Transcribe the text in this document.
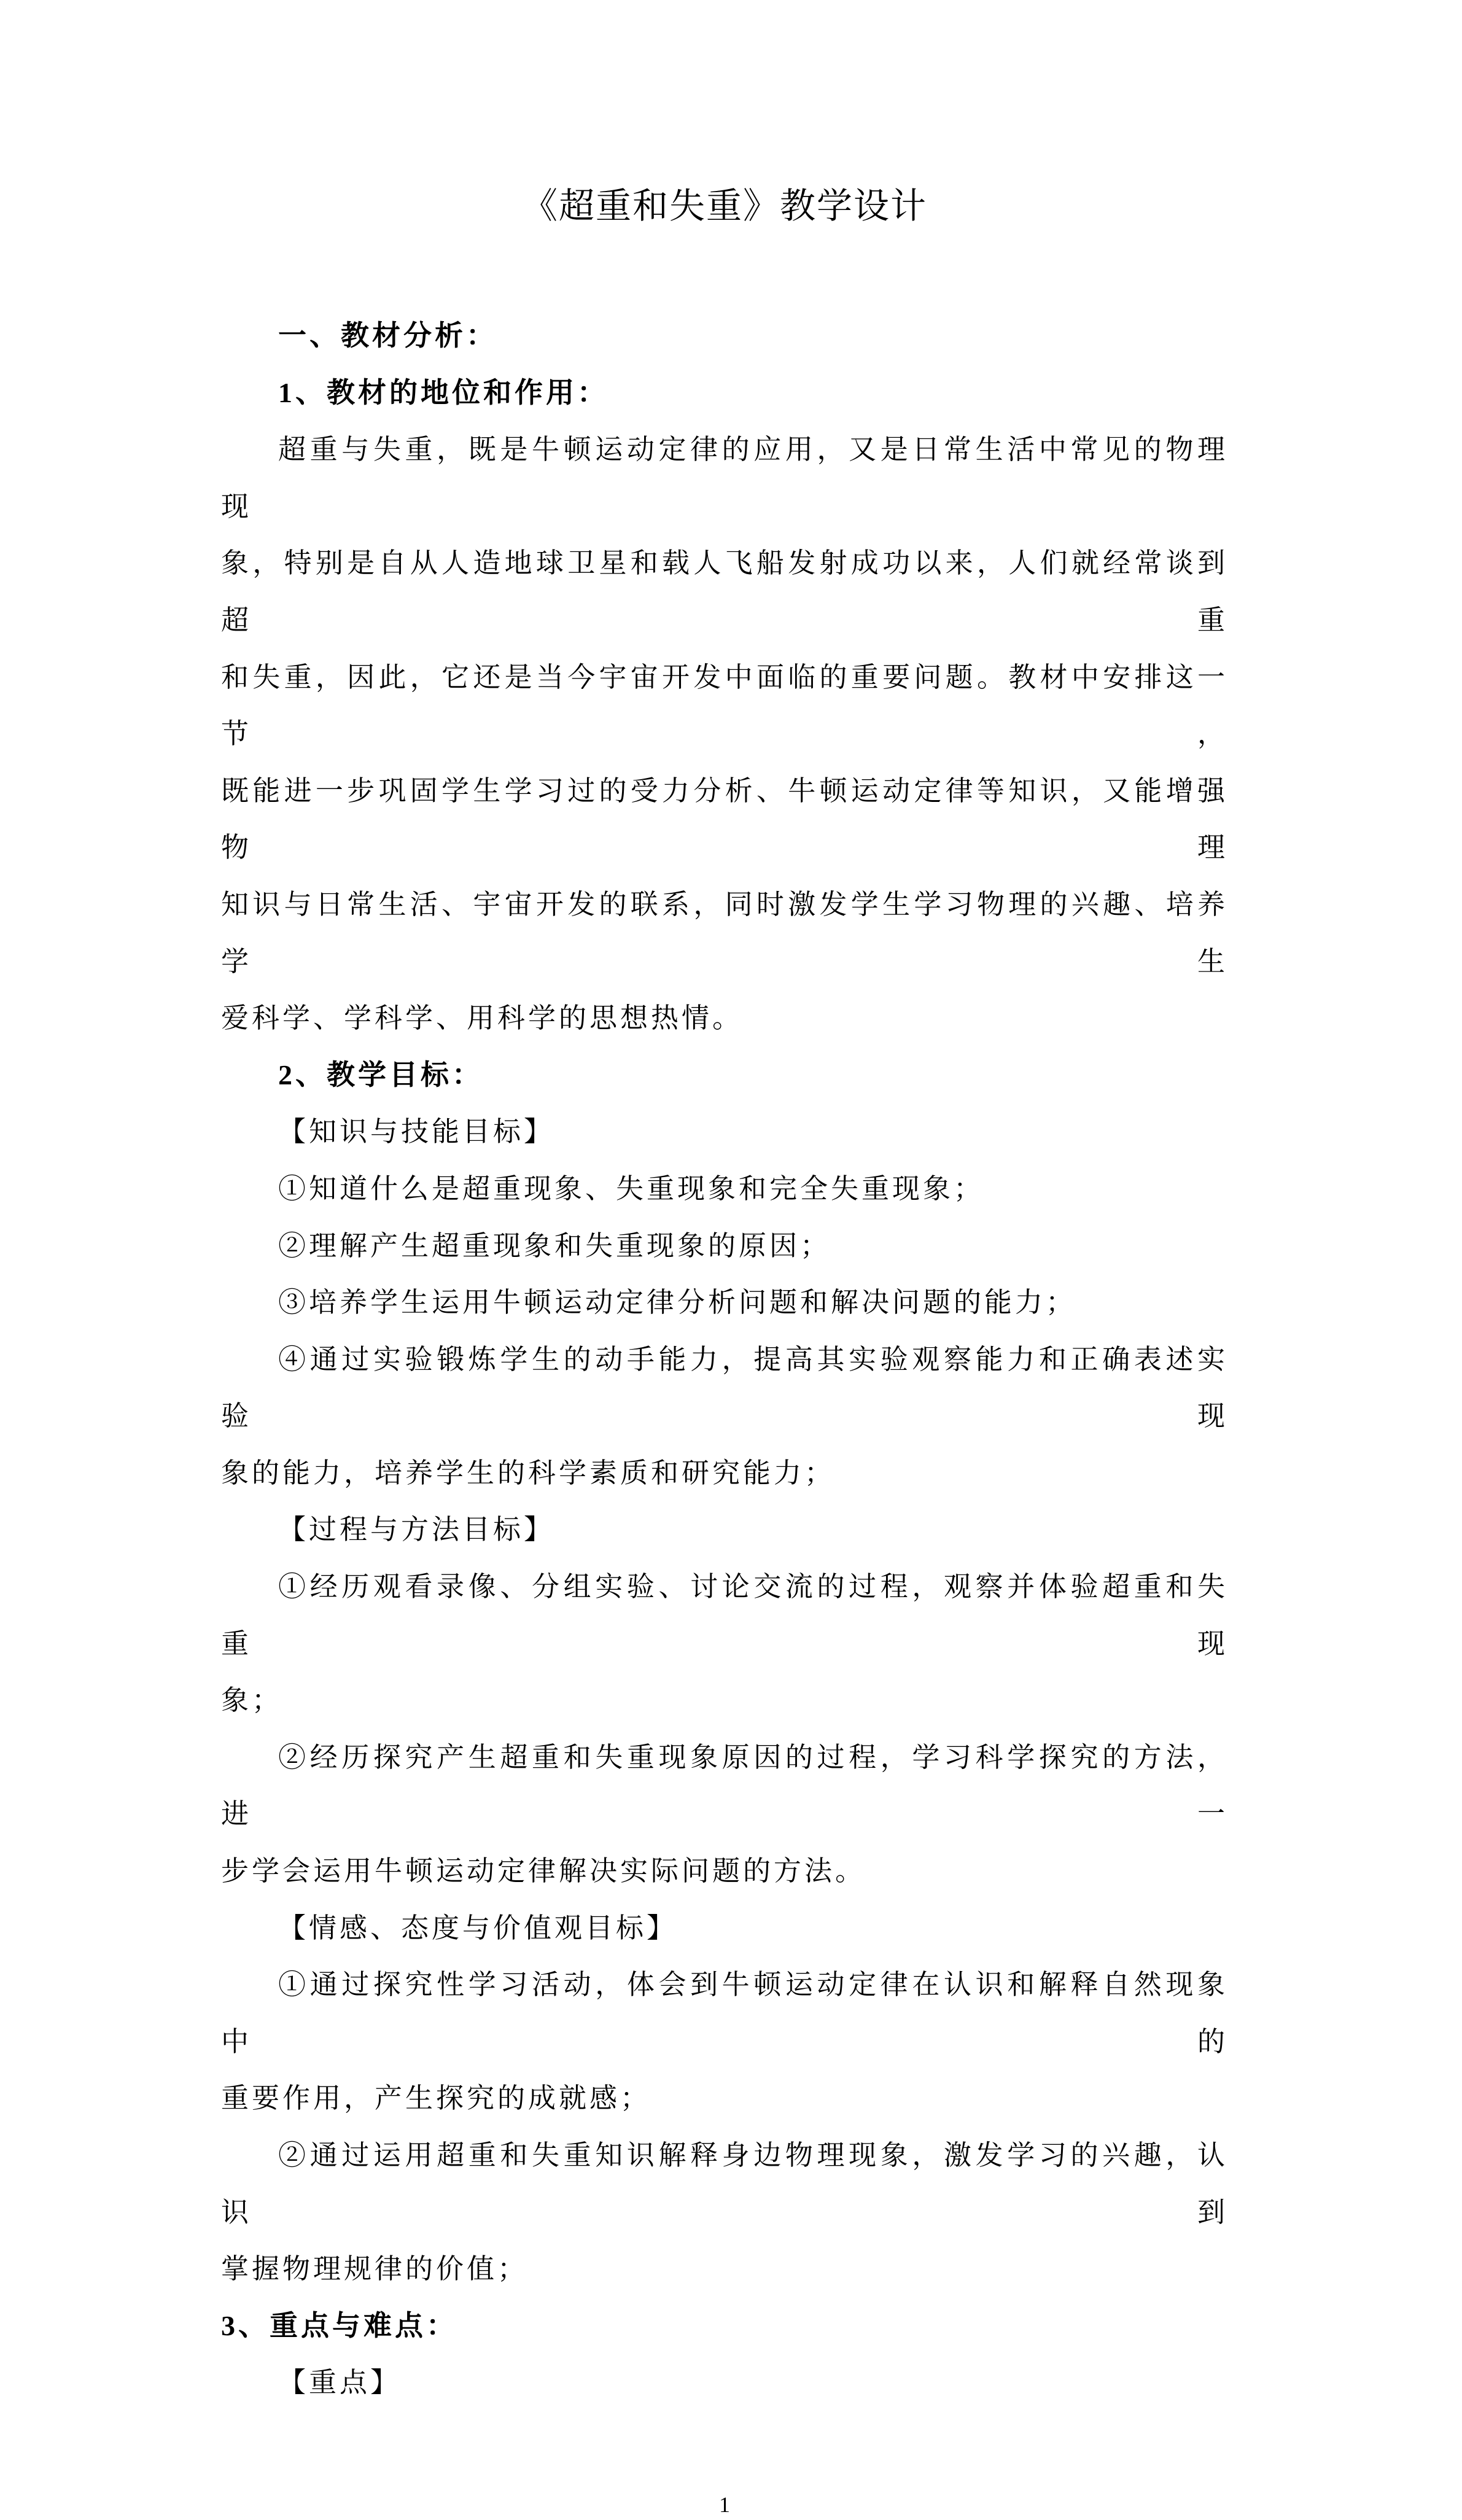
《超重和失重》教学设计
一、教材分析：
1、教材的地位和作用：
超重与失重，既是牛顿运动定律的应用，又是日常生活中常见的物理现
象，特别是自从人造地球卫星和载人飞船发射成功以来，人们就经常谈到超重
和失重，因此，它还是当今宇宙开发中面临的重要问题。教材中安排这一节，
既能进一步巩固学生学习过的受力分析、牛顿运动定律等知识，又能增强物理
知识与日常生活、宇宙开发的联系，同时激发学生学习物理的兴趣、培养学生
爱科学、学科学、用科学的思想热情。
2、教学目标：
【知识与技能目标】
①知道什么是超重现象、失重现象和完全失重现象；
②理解产生超重现象和失重现象的原因；
③培养学生运用牛顿运动定律分析问题和解决问题的能力；
④通过实验锻炼学生的动手能力，提高其实验观察能力和正确表述实验现
象的能力，培养学生的科学素质和研究能力；
【过程与方法目标】
①经历观看录像、分组实验、讨论交流的过程，观察并体验超重和失重现
象；
②经历探究产生超重和失重现象原因的过程，学习科学探究的方法，进一
步学会运用牛顿运动定律解决实际问题的方法。
【情感、态度与价值观目标】
①通过探究性学习活动，体会到牛顿运动定律在认识和解释自然现象中的
重要作用，产生探究的成就感；
②通过运用超重和失重知识解释身边物理现象，激发学习的兴趣，认识到
掌握物理规律的价值；
3、重点与难点：
【重点】
1
